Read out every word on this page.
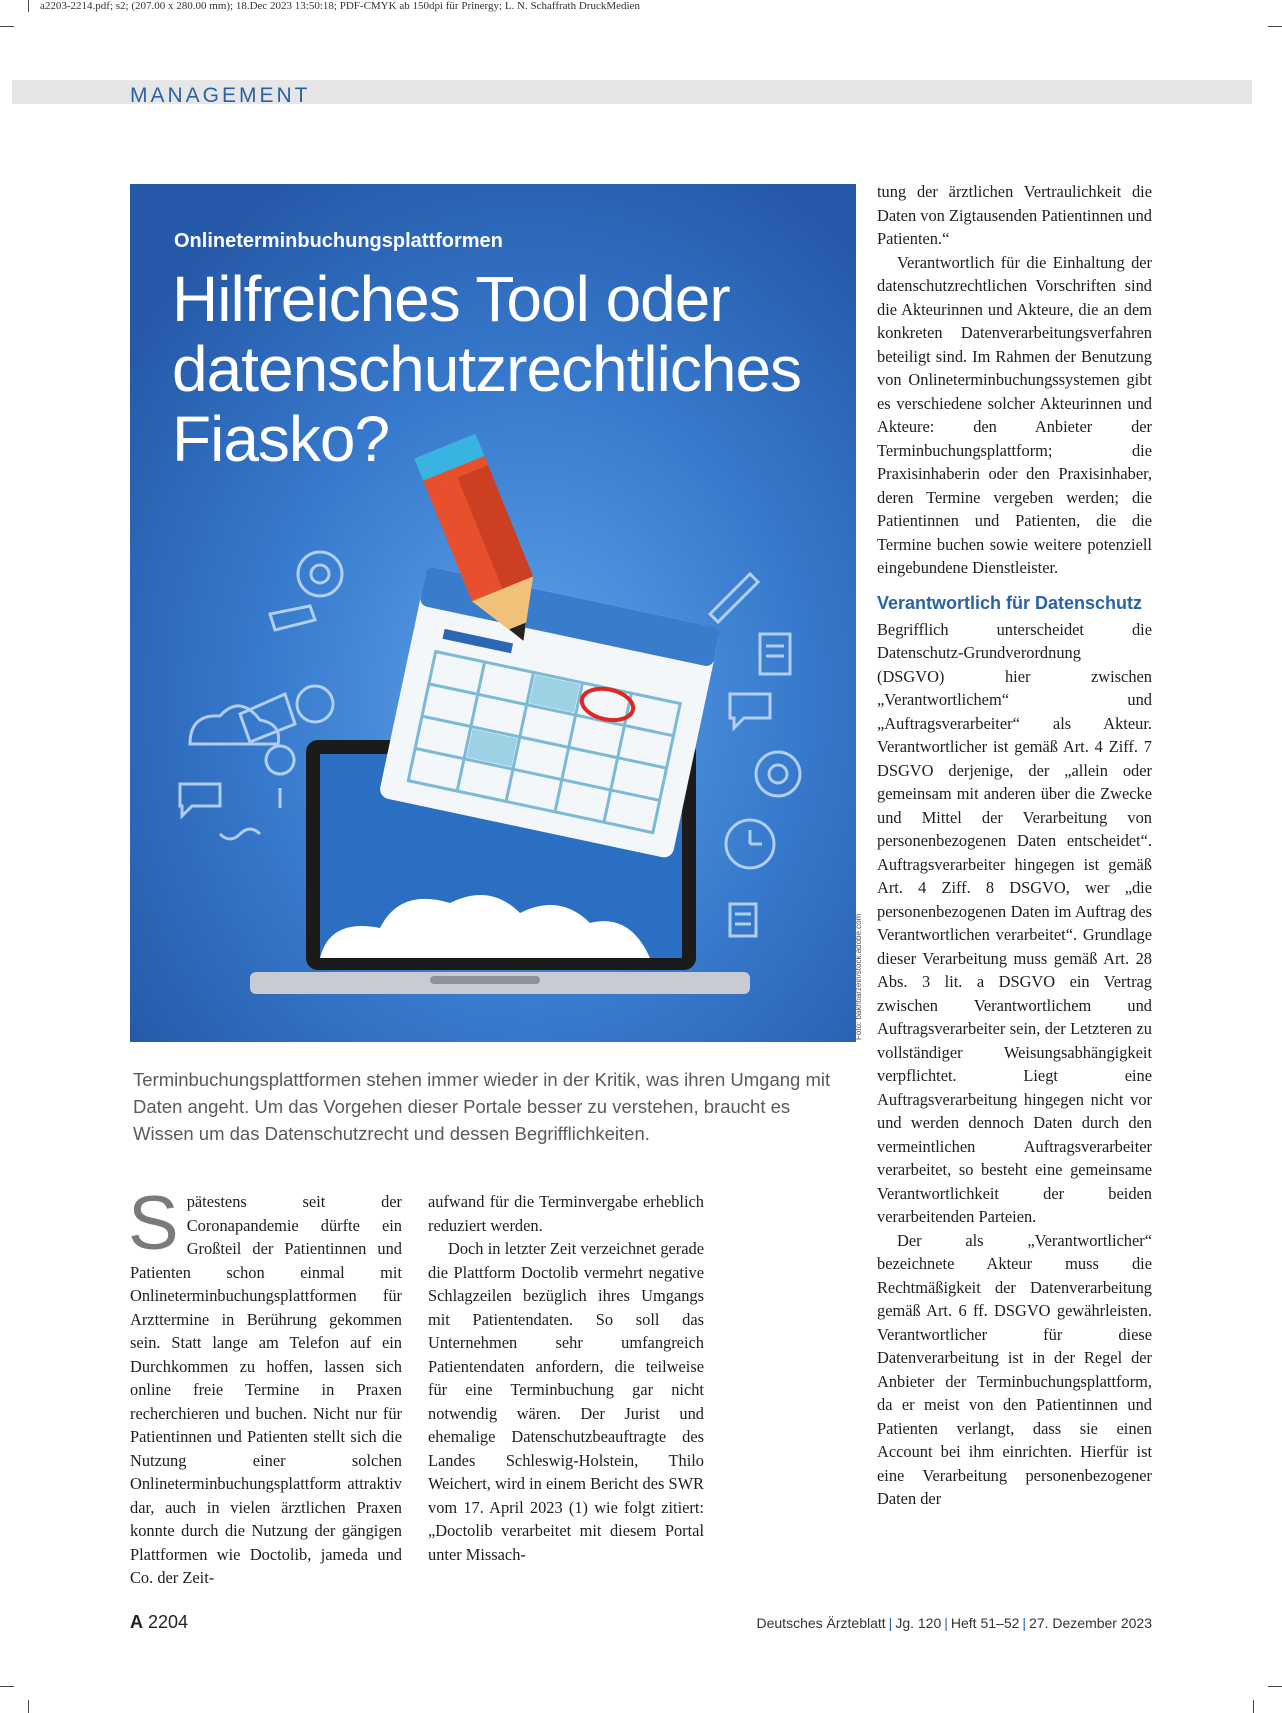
a2203-2214.pdf; s2; (207.00 x 280.00 mm); 18.Dec 2023 13:50:18; PDF-CMYK ab 150dpi für Prinergy; L. N. Schaffrath DruckMedien
MANAGEMENT
Onlineterminbuchungsplattformen
Hilfreiches Tool oder
datenschutzrechtliches
Fiasko?
Foto: bakhtiarzein/stock.adobe.com
Terminbuchungsplattformen stehen immer wieder in der Kritik, was ihren Umgang mit Daten angeht. Um das Vorgehen dieser Portale besser zu verstehen, braucht es Wissen um das Datenschutzrecht und dessen Begrifflichkeiten.
S pätestens seit der Coronapandemie dürfte ein Großteil der Patientinnen und Patienten schon einmal mit Onlineterminbuchungsplattformen für Arzttermine in Berührung gekommen sein. Statt lange am Telefon auf ein Durchkommen zu hoffen, lassen sich online freie Termine in Praxen recherchieren und buchen. Nicht nur für Patientinnen und Patienten stellt sich die Nutzung einer solchen Onlineterminbuchungsplattform attraktiv dar, auch in vielen ärztlichen Praxen konnte durch die Nutzung der gängigen Plattformen wie Doctolib, jameda und Co. der Zeit-

aufwand für die Terminvergabe erheblich reduziert werden.

Doch in letzter Zeit verzeichnet gerade die Plattform Doctolib vermehrt negative Schlagzeilen bezüglich ihres Umgangs mit Patientendaten. So soll das Unternehmen sehr umfangreich Patientendaten anfordern, die teilweise für eine Terminbuchung gar nicht notwendig wären. Der Jurist und ehemalige Datenschutzbeauftragte des Landes Schleswig-Holstein, Thilo Weichert, wird in einem Bericht des SWR vom 17. April 2023 (1) wie folgt zitiert: „Doctolib verarbeitet mit diesem Portal unter Missach-

tung der ärztlichen Vertraulichkeit die Daten von Zigtausenden Patientinnen und Patienten.“

Verantwortlich für die Einhaltung der datenschutzrechtlichen Vorschriften sind die Akteurinnen und Akteure, die an dem konkreten Datenverarbeitungsverfahren beteiligt sind. Im Rahmen der Benutzung von Onlineterminbuchungssystemen gibt es verschiedene solcher Akteurinnen und Akteure: den Anbieter der Terminbuchungsplattform; die Praxisinhaberin oder den Praxisinhaber, deren Termine vergeben werden; die Patientinnen und Patienten, die die Termine buchen sowie weitere potenziell eingebundene Dienstleister.

Verantwortlich für Datenschutz

Begrifflich unterscheidet die Datenschutz-Grundverordnung (DSGVO) hier zwischen „Verantwortlichem“ und „Auftragsverarbeiter“ als Akteur. Verantwortlicher ist gemäß Art. 4 Ziff. 7 DSGVO derjenige, der „allein oder gemeinsam mit anderen über die Zwecke und Mittel der Verarbeitung von personenbezogenen Daten entscheidet“. Auftragsverarbeiter hingegen ist gemäß Art. 4 Ziff. 8 DSGVO, wer „die personenbezogenen Daten im Auftrag des Verantwortlichen verarbeitet“. Grundlage dieser Verarbeitung muss gemäß Art. 28 Abs. 3 lit. a DSGVO ein Vertrag zwischen Verantwortlichem und Auftragsverarbeiter sein, der Letzteren zu vollständiger Weisungsabhängigkeit verpflichtet. Liegt eine Auftragsverarbeitung hingegen nicht vor und werden dennoch Daten durch den vermeintlichen Auftragsverarbeiter verarbeitet, so besteht eine gemeinsame Verantwortlichkeit der beiden verarbeitenden Parteien.

Der als „Verantwortlicher“ bezeichnete Akteur muss die Rechtmäßigkeit der Datenverarbeitung gemäß Art. 6 ff. DSGVO gewährleisten. Verantwortlicher für diese Datenverarbeitung ist in der Regel der Anbieter der Terminbuchungsplattform, da er meist von den Patientinnen und Patienten verlangt, dass sie einen Account bei ihm einrichten. Hierfür ist eine Verarbeitung personenbezogener Daten der

A 2204	Deutsches Ärzteblatt | Jg. 120 | Heft 51–52 | 27. Dezember 2023
